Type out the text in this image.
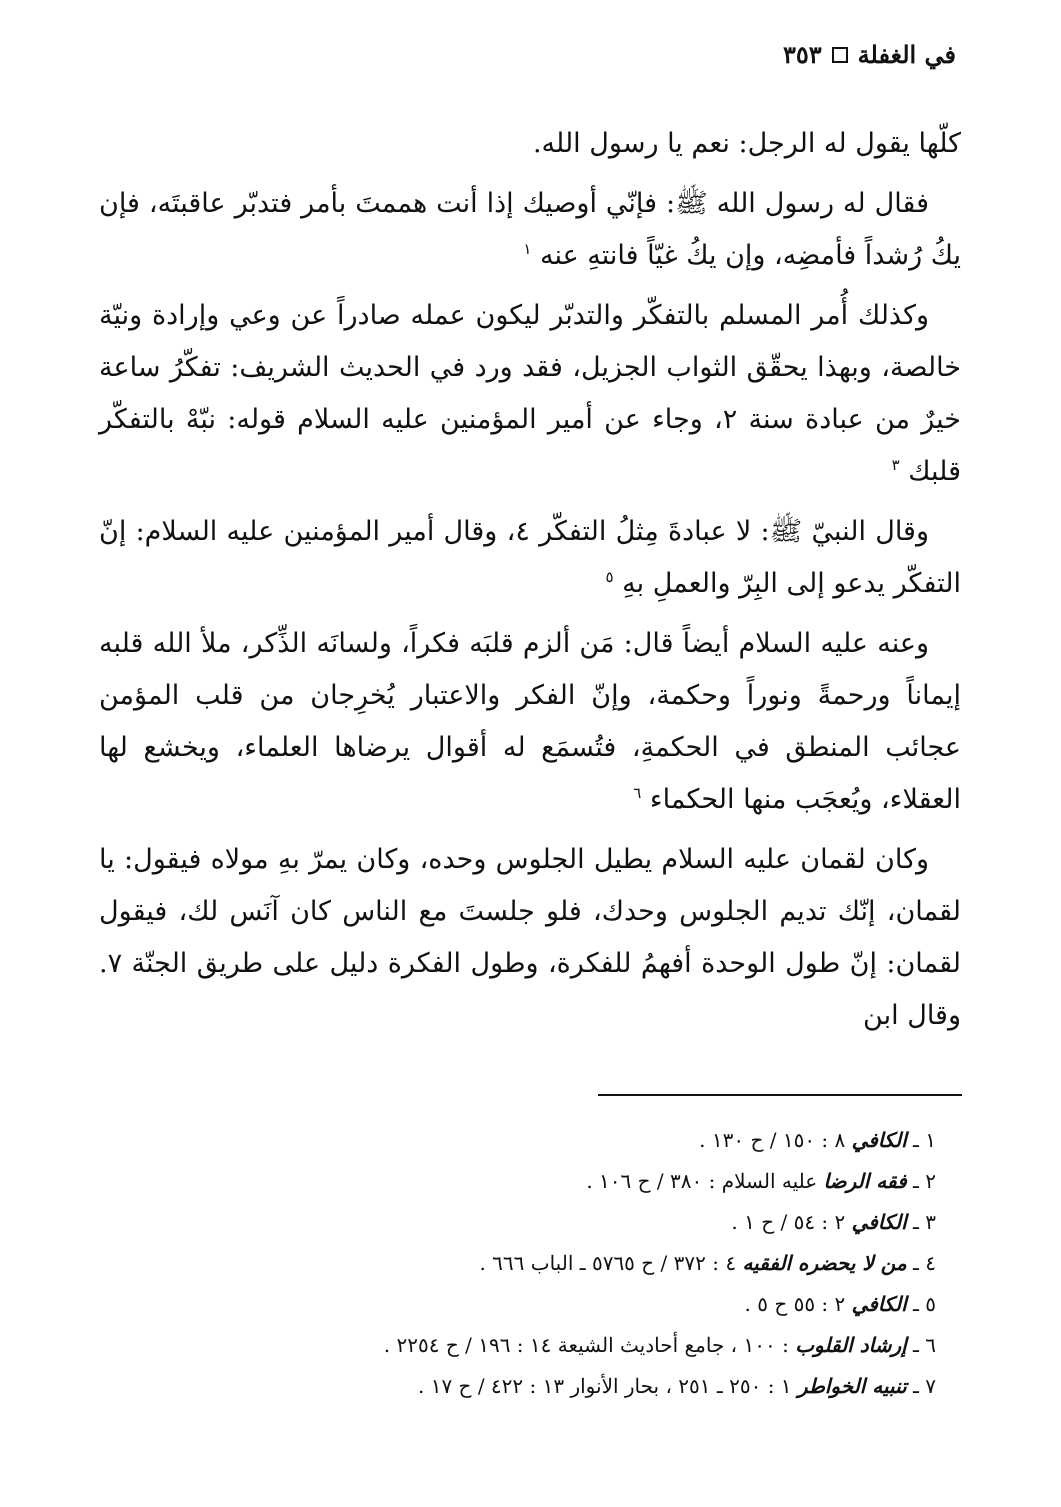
في الغفلة
٣٥٣

كلّها يقول له الرجل: نعم يا رسول الله.

فقال له رسول الله ﷺ: فإنّي أوصيك إذا أنت هممتَ بأمر فتدبّر عاقبتَه، فإن يكُ رُشداً فأمضِه، وإن يكُ غيّاً فانتهِ عنه $^١$

وكذلك أُمر المسلم بالتفكّر والتدبّر ليكون عمله صادراً عن وعي وإرادة ونيّة خالصة، وبهذا يحقّق الثواب الجزيل، فقد ورد في الحديث الشريف: تفكّرُ ساعة خيرٌ من عبادة سنة ٢، وجاء عن أمير المؤمنين عليه السلام قوله: نبّهْ بالتفكّر قلبك $^٣$

وقال النبيّ ﷺ: لا عبادةَ مِثلُ التفكّر ٤، وقال أمير المؤمنين عليه السلام: إنّ التفكّر يدعو إلى البِرّ والعملِ بهِ $^٥$

وعنه عليه السلام أيضاً قال: مَن ألزم قلبَه فكراً، ولسانَه الذِّكر، ملأ الله قلبه إيماناً ورحمةً ونوراً وحكمة، وإنّ الفكر والاعتبار يُخرِجان من قلب المؤمن عجائب المنطق في الحكمةِ، فتُسمَع له أقوال يرضاها العلماء، ويخشع لها العقلاء، ويُعجَب منها الحكماء $^٦$

وكان لقمان عليه السلام يطيل الجلوس وحده، وكان يمرّ بهِ مولاه فيقول: يا لقمان، إنّك تديم الجلوس وحدك، فلو جلستَ مع الناس كان آنَس لك، فيقول لقمان: إنّ طول الوحدة أفهمُ للفكرة، وطول الفكرة دليل على طريق الجنّة ٧. وقال ابن

١ ـ الكافي ٨ : ١٥٠ / ح ١٣٠ .

٢ ـ فقه الرضا عليه السلام : ٣٨٠ / ح ١٠٦ .

٣ ـ الكافي ٢ : ٥٤ / ح ١ .

٤ ـ من لا يحضره الفقيه ٤ : ٣٧٢ / ح ٥٧٦٥ ـ الباب ٦٦٦ .

٥ ـ الكافي ٢ : ٥٥ ح ٥ .

٦ ـ إرشاد القلوب : ١٠٠ ، جامع أحاديث الشيعة ١٤ : ١٩٦ / ح ٢٢٥٤ .

٧ ـ تنبيه الخواطر ١ : ٢٥٠ ـ ٢٥١ ، بحار الأنوار ١٣ : ٤٢٢ / ح ١٧ .
